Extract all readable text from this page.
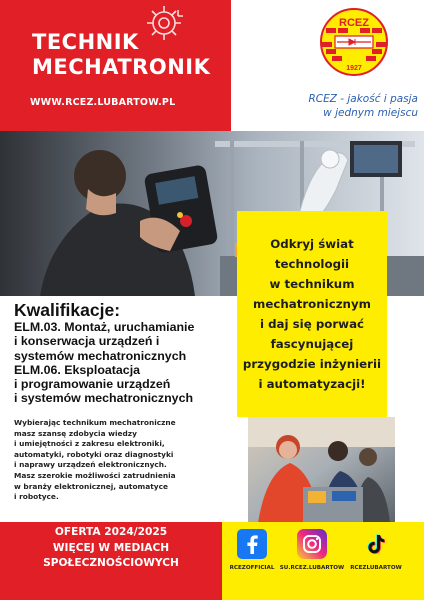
TECHNIK
MECHATRONIK
WWW.RCEZ.LUBARTOW.PL
RCEZ
1927
RCEZ - jakość i pasja
w jednym miejscu
Odkryj świat
technologii
w technikum
mechatronicznym
i daj się porwać
fascynującej
przygodzie inżynierii
i automatyzacji!
Kwalifikacje:
ELM.03. Montaż, uruchamianie
i konserwacja urządzeń i
systemów mechatronicznych
ELM.06. Eksploatacja
i programowanie urządzeń
i systemów mechatronicznych
Wybierając technikum mechatroniczne
masz szansę zdobycia wiedzy
i umiejętności z zakresu elektroniki,
automatyki, robotyki oraz diagnostyki
i naprawy urządzeń elektronicznych.
Masz szerokie możliwości zatrudnienia
w branży elektronicznej, automatyce
i robotyce.
OFERTA 2024/2025
WIĘCEJ W MEDIACH
SPOŁECZNOŚCIOWYCH	RCEZOFFICIAL SU.RCEZ.LUBARTOW	RCEZLUBARTOW
